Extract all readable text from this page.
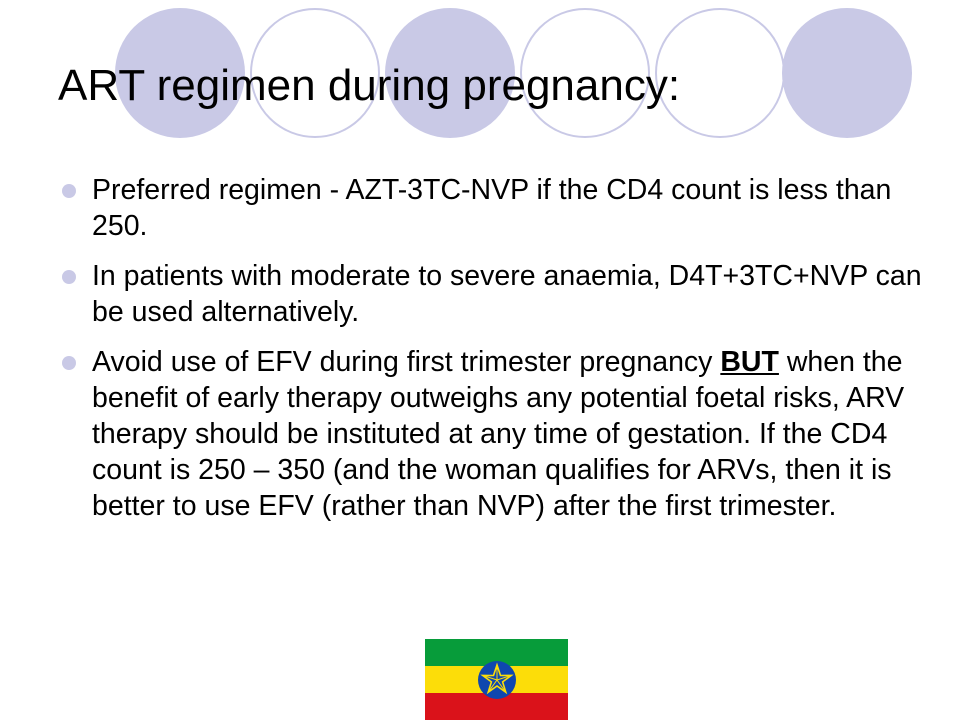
ART regimen during pregnancy:
Preferred regimen - AZT-3TC-NVP if the CD4 count is less than 250.
In patients with moderate to severe anaemia, D4T+3TC+NVP can be used alternatively.
Avoid use of EFV during first trimester pregnancy BUT when the benefit of early therapy outweighs any potential foetal risks, ARV therapy should be instituted at any time of gestation. If the CD4 count is 250 – 350 (and the woman qualifies for ARVs, then it is better to use EFV (rather than NVP) after the first trimester.
